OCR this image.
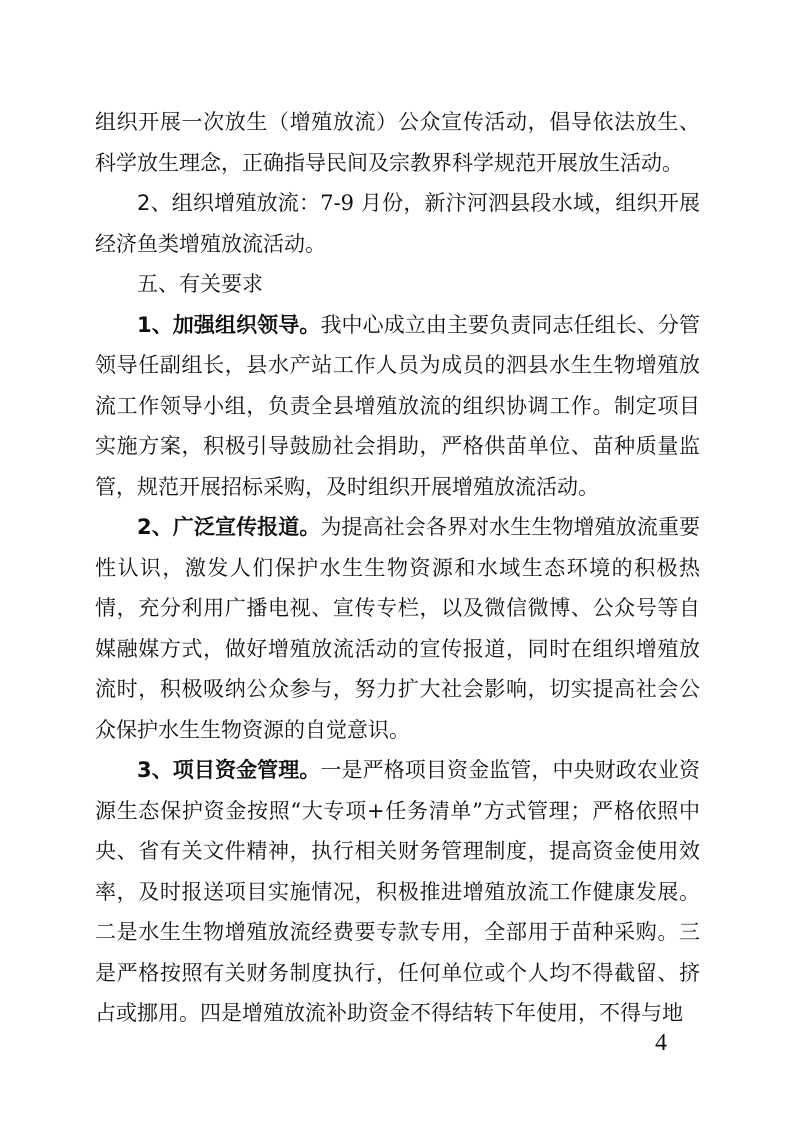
组织开展一次放生（增殖放流）公众宣传活动，倡导依法放生、科学放生理念，正确指导民间及宗教界科学规范开展放生活动。

2、组织增殖放流：7-9 月份，新汴河泗县段水域，组织开展经济鱼类增殖放流活动。

五、有关要求

1、加强组织领导。我中心成立由主要负责同志任组长、分管领导任副组长，县水产站工作人员为成员的泗县水生生物增殖放流工作领导小组，负责全县增殖放流的组织协调工作。制定项目实施方案，积极引导鼓励社会捐助，严格供苗单位、苗种质量监管，规范开展招标采购，及时组织开展增殖放流活动。

2、广泛宣传报道。为提高社会各界对水生生物增殖放流重要性认识，激发人们保护水生生物资源和水域生态环境的积极热情，充分利用广播电视、宣传专栏，以及微信微博、公众号等自媒融媒方式，做好增殖放流活动的宣传报道，同时在组织增殖放流时，积极吸纳公众参与，努力扩大社会影响，切实提高社会公众保护水生生物资源的自觉意识。

3、项目资金管理。一是严格项目资金监管，中央财政农业资源生态保护资金按照“大专项+任务清单”方式管理；严格依照中央、省有关文件精神，执行相关财务管理制度，提高资金使用效率，及时报送项目实施情况，积极推进增殖放流工作健康发展。二是水生生物增殖放流经费要专款专用，全部用于苗种采购。三是严格按照有关财务制度执行，任何单位或个人均不得截留、挤占或挪用。四是增殖放流补助资金不得结转下年使用，不得与地

4
